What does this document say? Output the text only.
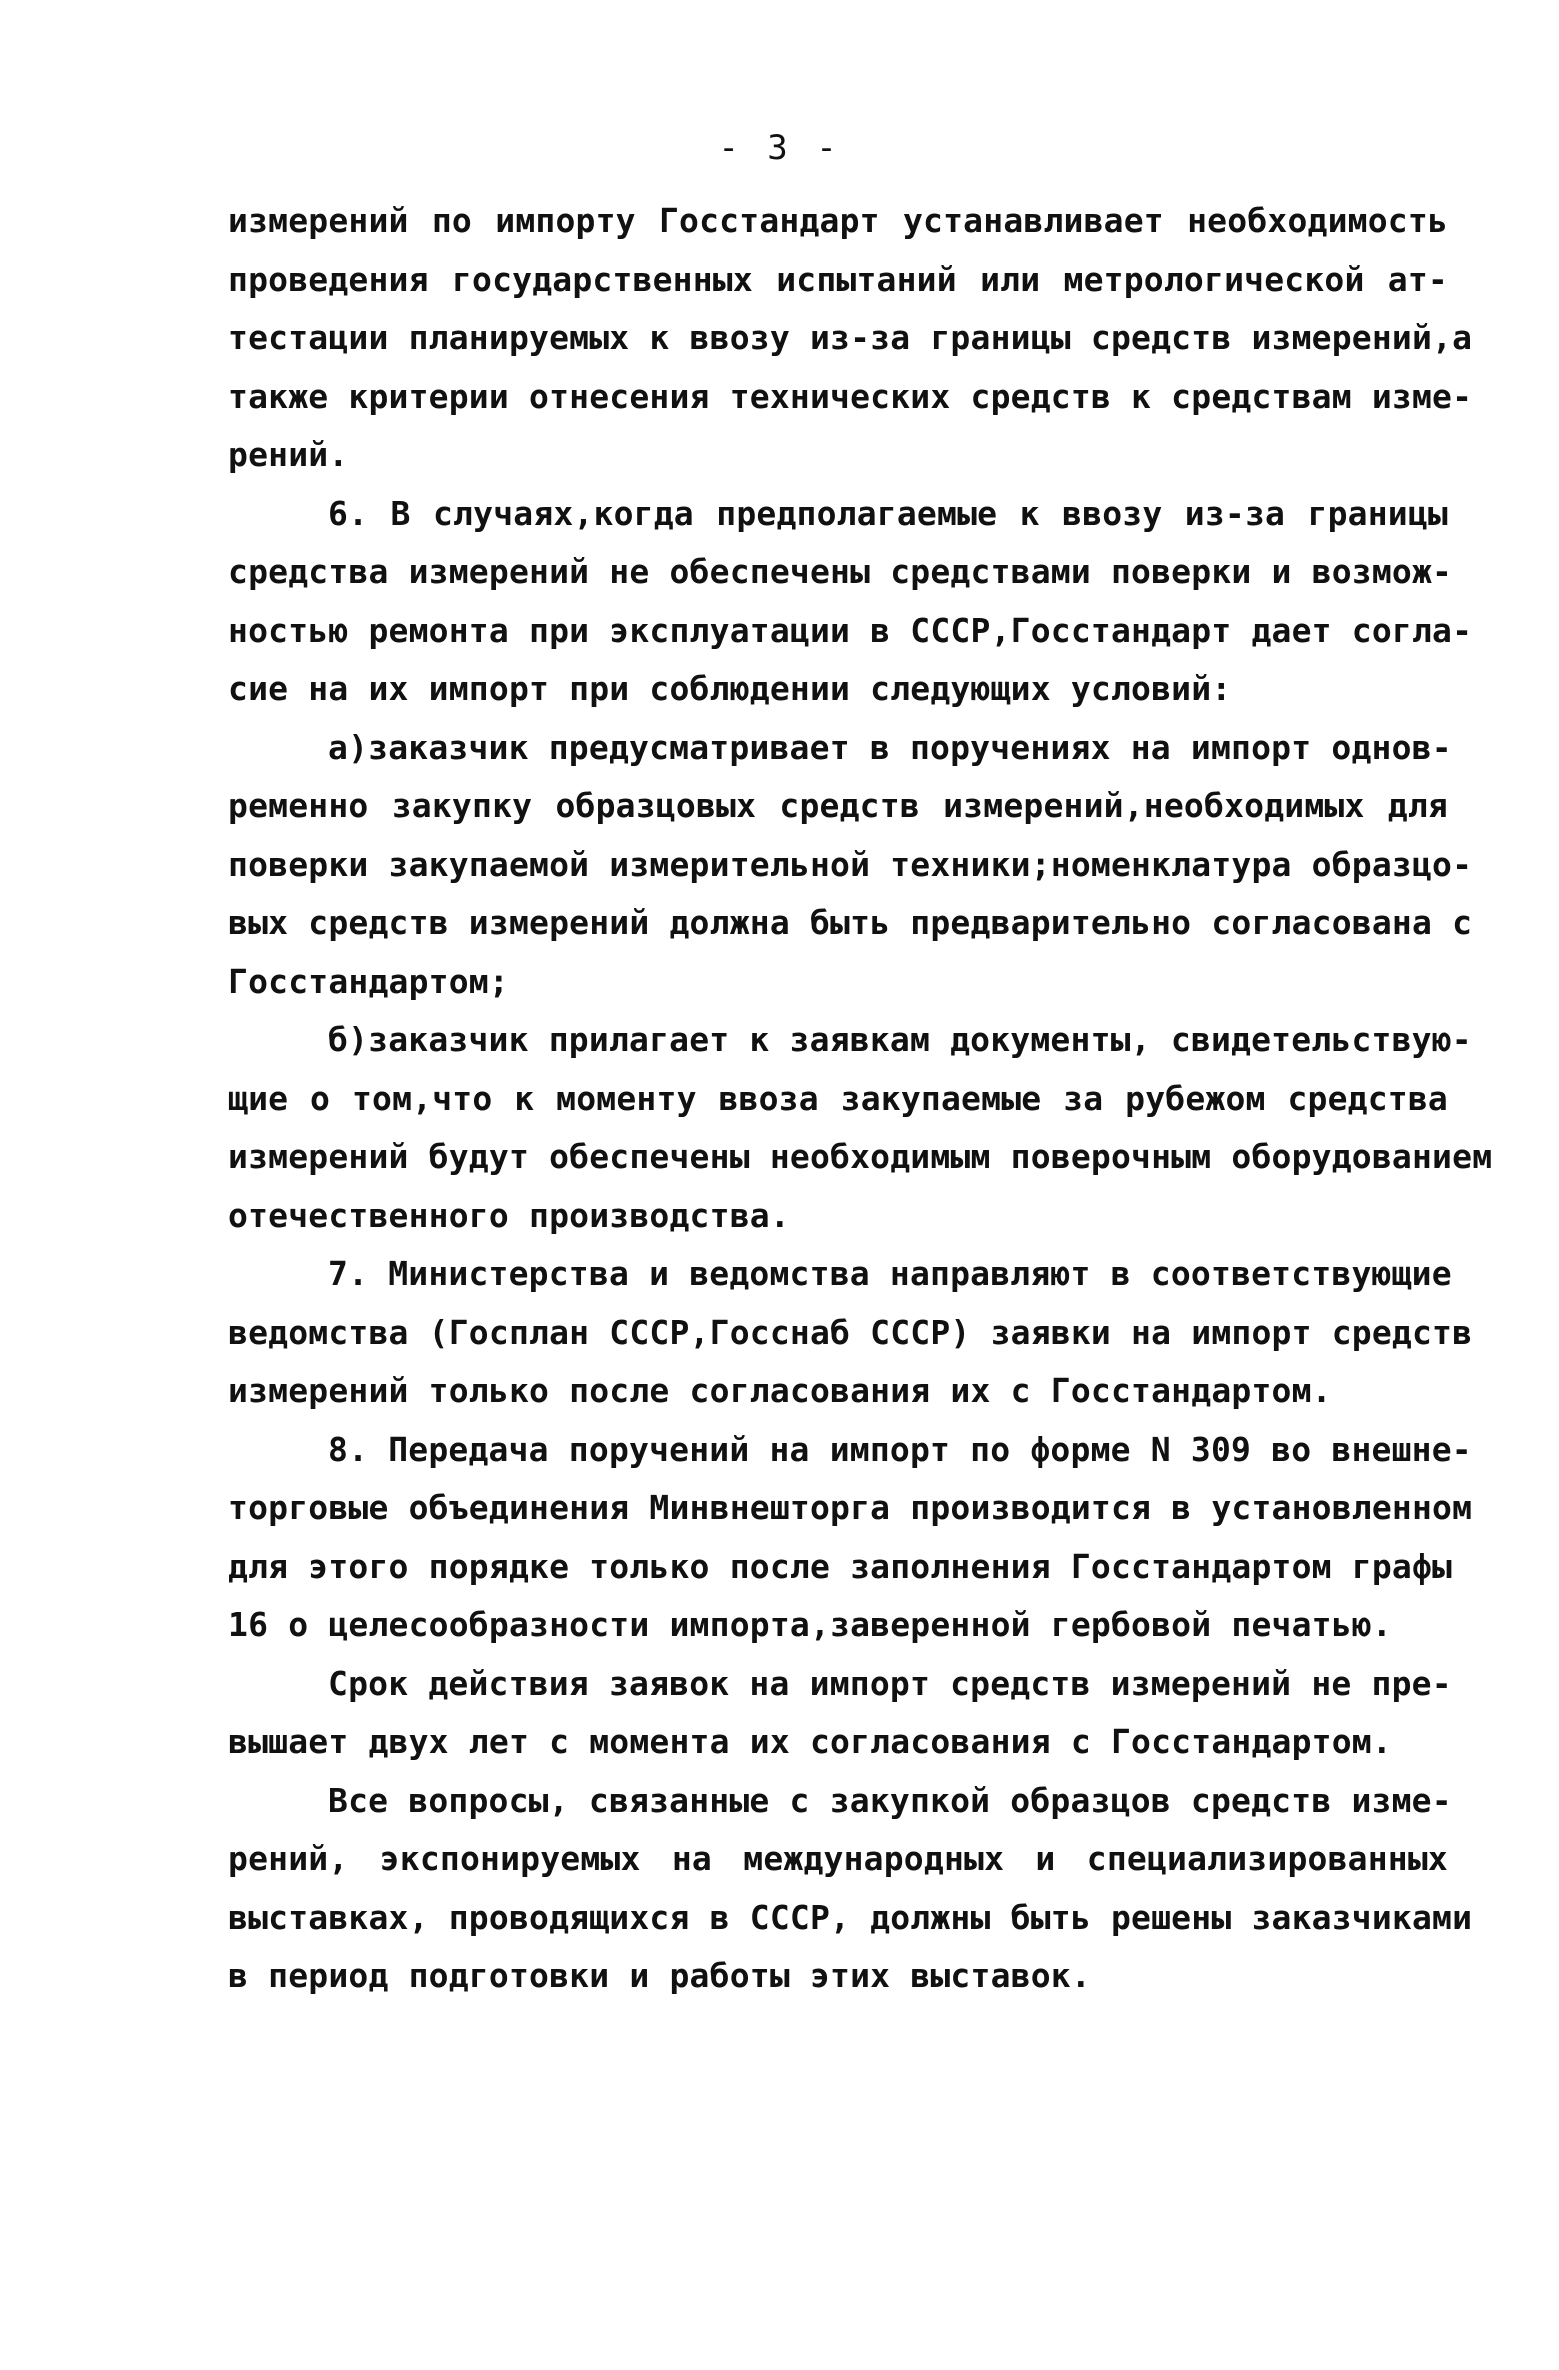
- 3 -
измерений по импорту Госстандарт устанавливает необходимость
проведения государственных испытаний или метрологической ат-
тестации планируемых к ввозу из-за границы средств измерений,а
также критерии отнесения технических средств к средствам изме-
рений.
6. В случаях,когда предполагаемые к ввозу из-за границы
средства измерений не обеспечены средствами поверки и возмож-
ностью ремонта при эксплуатации в СССР,Госстандарт дает согла-
сие на их импорт при соблюдении следующих условий:
а)заказчик предусматривает в поручениях на импорт однов-
ременно закупку образцовых средств измерений,необходимых для
поверки закупаемой измерительной техники;номенклатура образцо-
вых средств измерений должна быть предварительно согласована с
Госстандартом;
б)заказчик прилагает к заявкам документы, свидетельствую-
щие о том,что к моменту ввоза закупаемые за рубежом средства
измерений будут обеспечены необходимым поверочным оборудованием
отечественного производства.
7. Министерства и ведомства направляют в соответствующие
ведомства (Госплан СССР,Госснаб СССР) заявки на импорт средств
измерений только после согласования их с Госстандартом.
8. Передача поручений на импорт по форме N 309 во внешне-
торговые объединения Минвнешторга производится в установленном
для этого порядке только после заполнения Госстандартом графы
16 о целесообразности импорта,заверенной гербовой печатью.
Срок действия заявок на импорт средств измерений не пре-
вышает двух лет с момента их согласования с Госстандартом.
Все вопросы, связанные с закупкой образцов средств изме-
рений, экспонируемых на международных и специализированных
выставках, проводящихся в СССР, должны быть решены заказчиками
в период подготовки и работы этих выставок.
